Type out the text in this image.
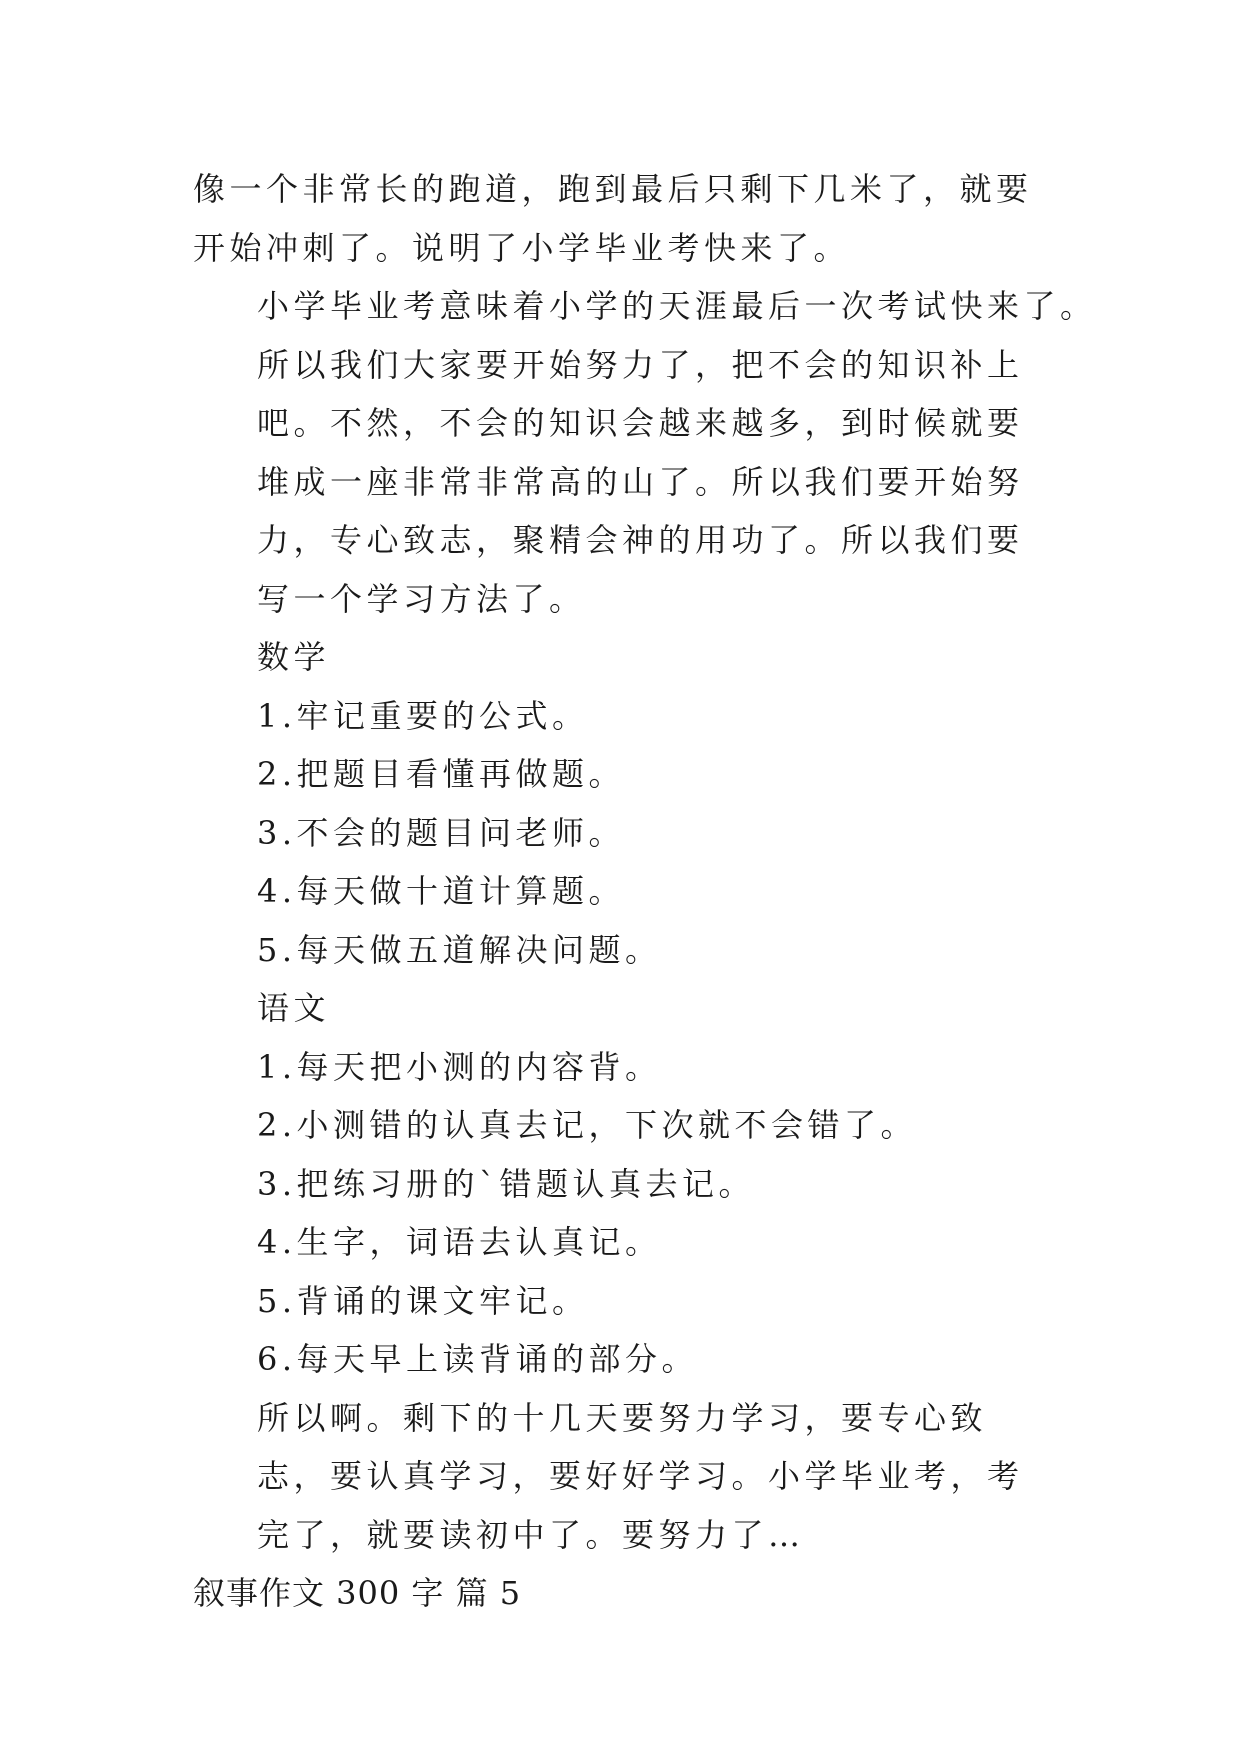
像一个非常长的跑道，跑到最后只剩下几米了，就要开始冲刺了。说明了小学毕业考快来了。
小学毕业考意味着小学的天涯最后一次考试快来了。
所以我们大家要开始努力了，把不会的知识补上吧。不然，不会的知识会越来越多，到时候就要堆成一座非常非常高的山了。所以我们要开始努力，专心致志，聚精会神的用功了。所以我们要写一个学习方法了。
数学
1.牢记重要的公式。
2.把题目看懂再做题。
3.不会的题目问老师。
4.每天做十道计算题。
5.每天做五道解决问题。
语文
1.每天把小测的内容背。
2.小测错的认真去记，下次就不会错了。
3.把练习册的`错题认真去记。
4.生字，词语去认真记。
5.背诵的课文牢记。
6.每天早上读背诵的部分。
所以啊。剩下的十几天要努力学习，要专心致志，要认真学习，要好好学习。小学毕业考，考完了，就要读初中了。要努力了…
叙事作文 300 字 篇 5
